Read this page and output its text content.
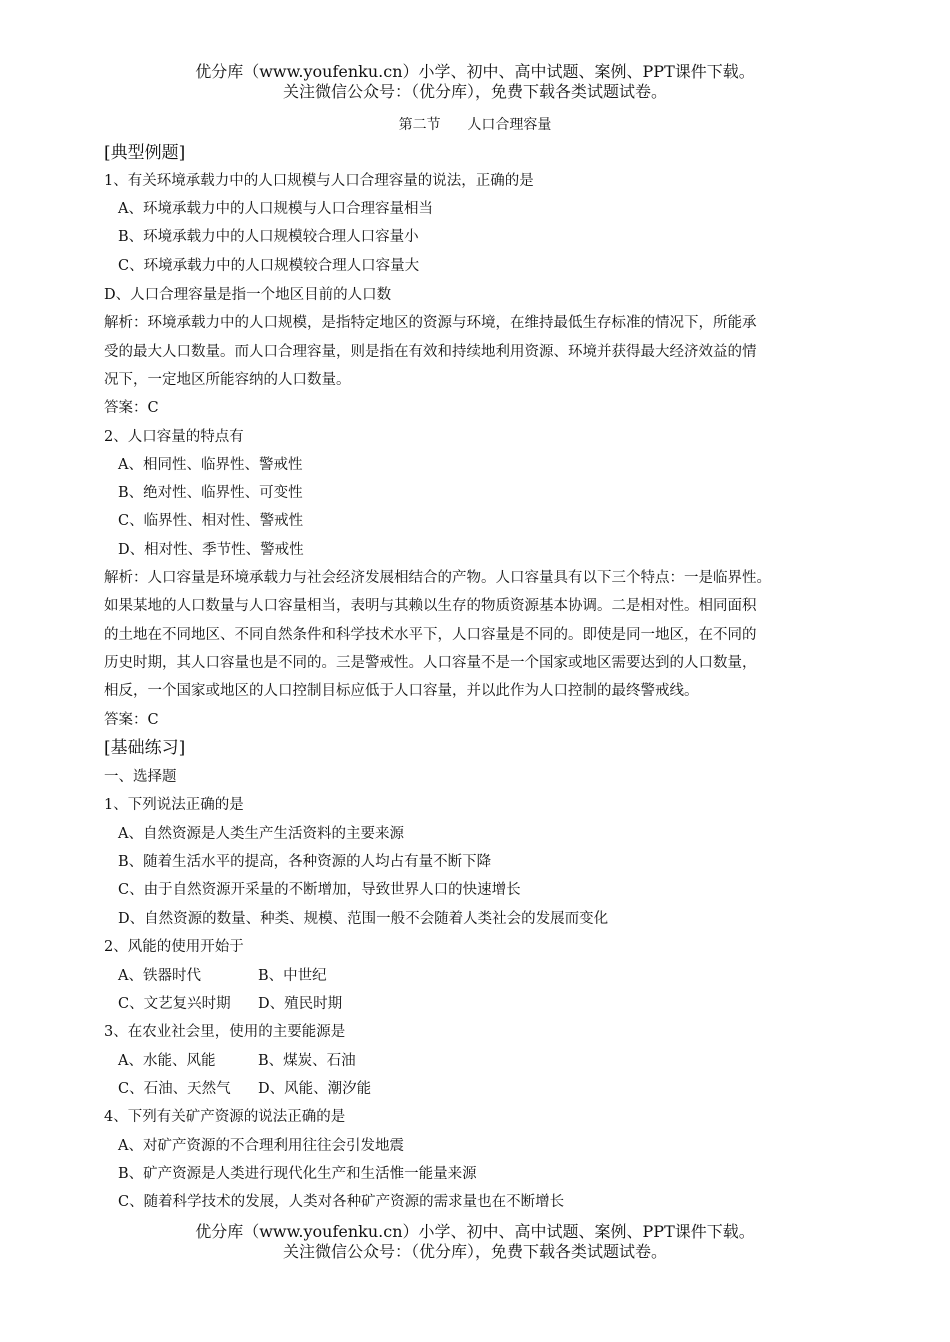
优分库（www.youfenku.cn）小学、初中、高中试题、案例、PPT课件下载。
关注微信公众号：（优分库），免费下载各类试题试卷。
第二节      人口合理容量
[典型例题]
1、有关环境承载力中的人口规模与人口合理容量的说法，正确的是
A、环境承载力中的人口规模与人口合理容量相当
B、环境承载力中的人口规模较合理人口容量小
C、环境承载力中的人口规模较合理人口容量大
D、人口合理容量是指一个地区目前的人口数
解析：环境承载力中的人口规模，是指特定地区的资源与环境，在维持最低生存标准的情况下，所能承
受的最大人口数量。而人口合理容量，则是指在有效和持续地利用资源、环境并获得最大经济效益的情
况下，一定地区所能容纳的人口数量。
答案：C
2、人口容量的特点有
A、相同性、临界性、警戒性
B、绝对性、临界性、可变性
C、临界性、相对性、警戒性
D、相对性、季节性、警戒性
解析：人口容量是环境承载力与社会经济发展相结合的产物。人口容量具有以下三个特点：一是临界性。
如果某地的人口数量与人口容量相当，表明与其赖以生存的物质资源基本协调。二是相对性。相同面积
的土地在不同地区、不同自然条件和科学技术水平下，人口容量是不同的。即使是同一地区，在不同的
历史时期，其人口容量也是不同的。三是警戒性。人口容量不是一个国家或地区需要达到的人口数量，
相反，一个国家或地区的人口控制目标应低于人口容量，并以此作为人口控制的最终警戒线。
答案：C
[基础练习]
一、选择题
1、下列说法正确的是
A、自然资源是人类生产生活资料的主要来源
B、随着生活水平的提高，各种资源的人均占有量不断下降
C、由于自然资源开采量的不断增加，导致世界人口的快速增长
D、自然资源的数量、种类、规模、范围一般不会随着人类社会的发展而变化
2、风能的使用开始于
A、铁器时代	B、中世纪
C、文艺复兴时期 D、殖民时期
3、在农业社会里，使用的主要能源是
A、水能、风能	B、煤炭、石油
C、石油、天然气 D、风能、潮汐能
4、下列有关矿产资源的说法正确的是
A、对矿产资源的不合理利用往往会引发地震
B、矿产资源是人类进行现代化生产和生活惟一能量来源
C、随着科学技术的发展，人类对各种矿产资源的需求量也在不断增长
优分库（www.youfenku.cn）小学、初中、高中试题、案例、PPT课件下载。
关注微信公众号：（优分库），免费下载各类试题试卷。
